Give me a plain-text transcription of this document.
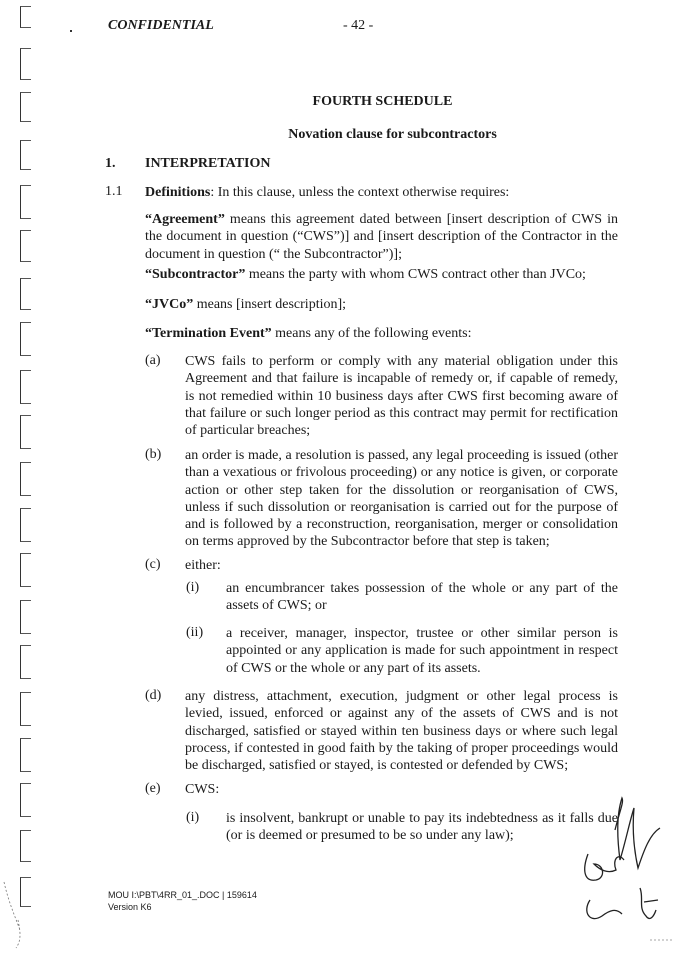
CONFIDENTIAL	- 42 -
FOURTH SCHEDULE
Novation clause for subcontractors
1. INTERPRETATION
1.1 Definitions: In this clause, unless the context otherwise requires:
“Agreement” means this agreement dated between [insert description of CWS in the document in question (“CWS”)] and [insert description of the Contractor in the document in question (“ the Subcontractor”)];
“Subcontractor” means the party with whom CWS contract other than JVCo;
“JVCo” means [insert description];
“Termination Event” means any of the following events:
(a) CWS fails to perform or comply with any material obligation under this Agreement and that failure is incapable of remedy or, if capable of remedy, is not remedied within 10 business days after CWS first becoming aware of that failure or such longer period as this contract may permit for rectification of particular breaches;
(b) an order is made, a resolution is passed, any legal proceeding is issued (other than a vexatious or frivolous proceeding) or any notice is given, or corporate action or other step taken for the dissolution or reorganisation of CWS, unless if such dissolution or reorganisation is carried out for the purpose of and is followed by a reconstruction, reorganisation, merger or consolidation on terms approved by the Subcontractor before that step is taken;
(c) either:
(i) an encumbrancer takes possession of the whole or any part of the assets of CWS; or
(ii) a receiver, manager, inspector, trustee or other similar person is appointed or any application is made for such appointment in respect of CWS or the whole or any part of its assets.
(d) any distress, attachment, execution, judgment or other legal process is levied, issued, enforced or against any of the assets of CWS and is not discharged, satisfied or stayed within ten business days or where such legal process, if contested in good faith by the taking of proper proceedings would be discharged, satisfied or stayed, is contested or defended by CWS;
(e) CWS:
(i) is insolvent, bankrupt or unable to pay its indebtedness as it falls due (or is deemed or presumed to be so under any law);
MOU I:\PBT\4RR_01_.DOC | 159614
Version K6
